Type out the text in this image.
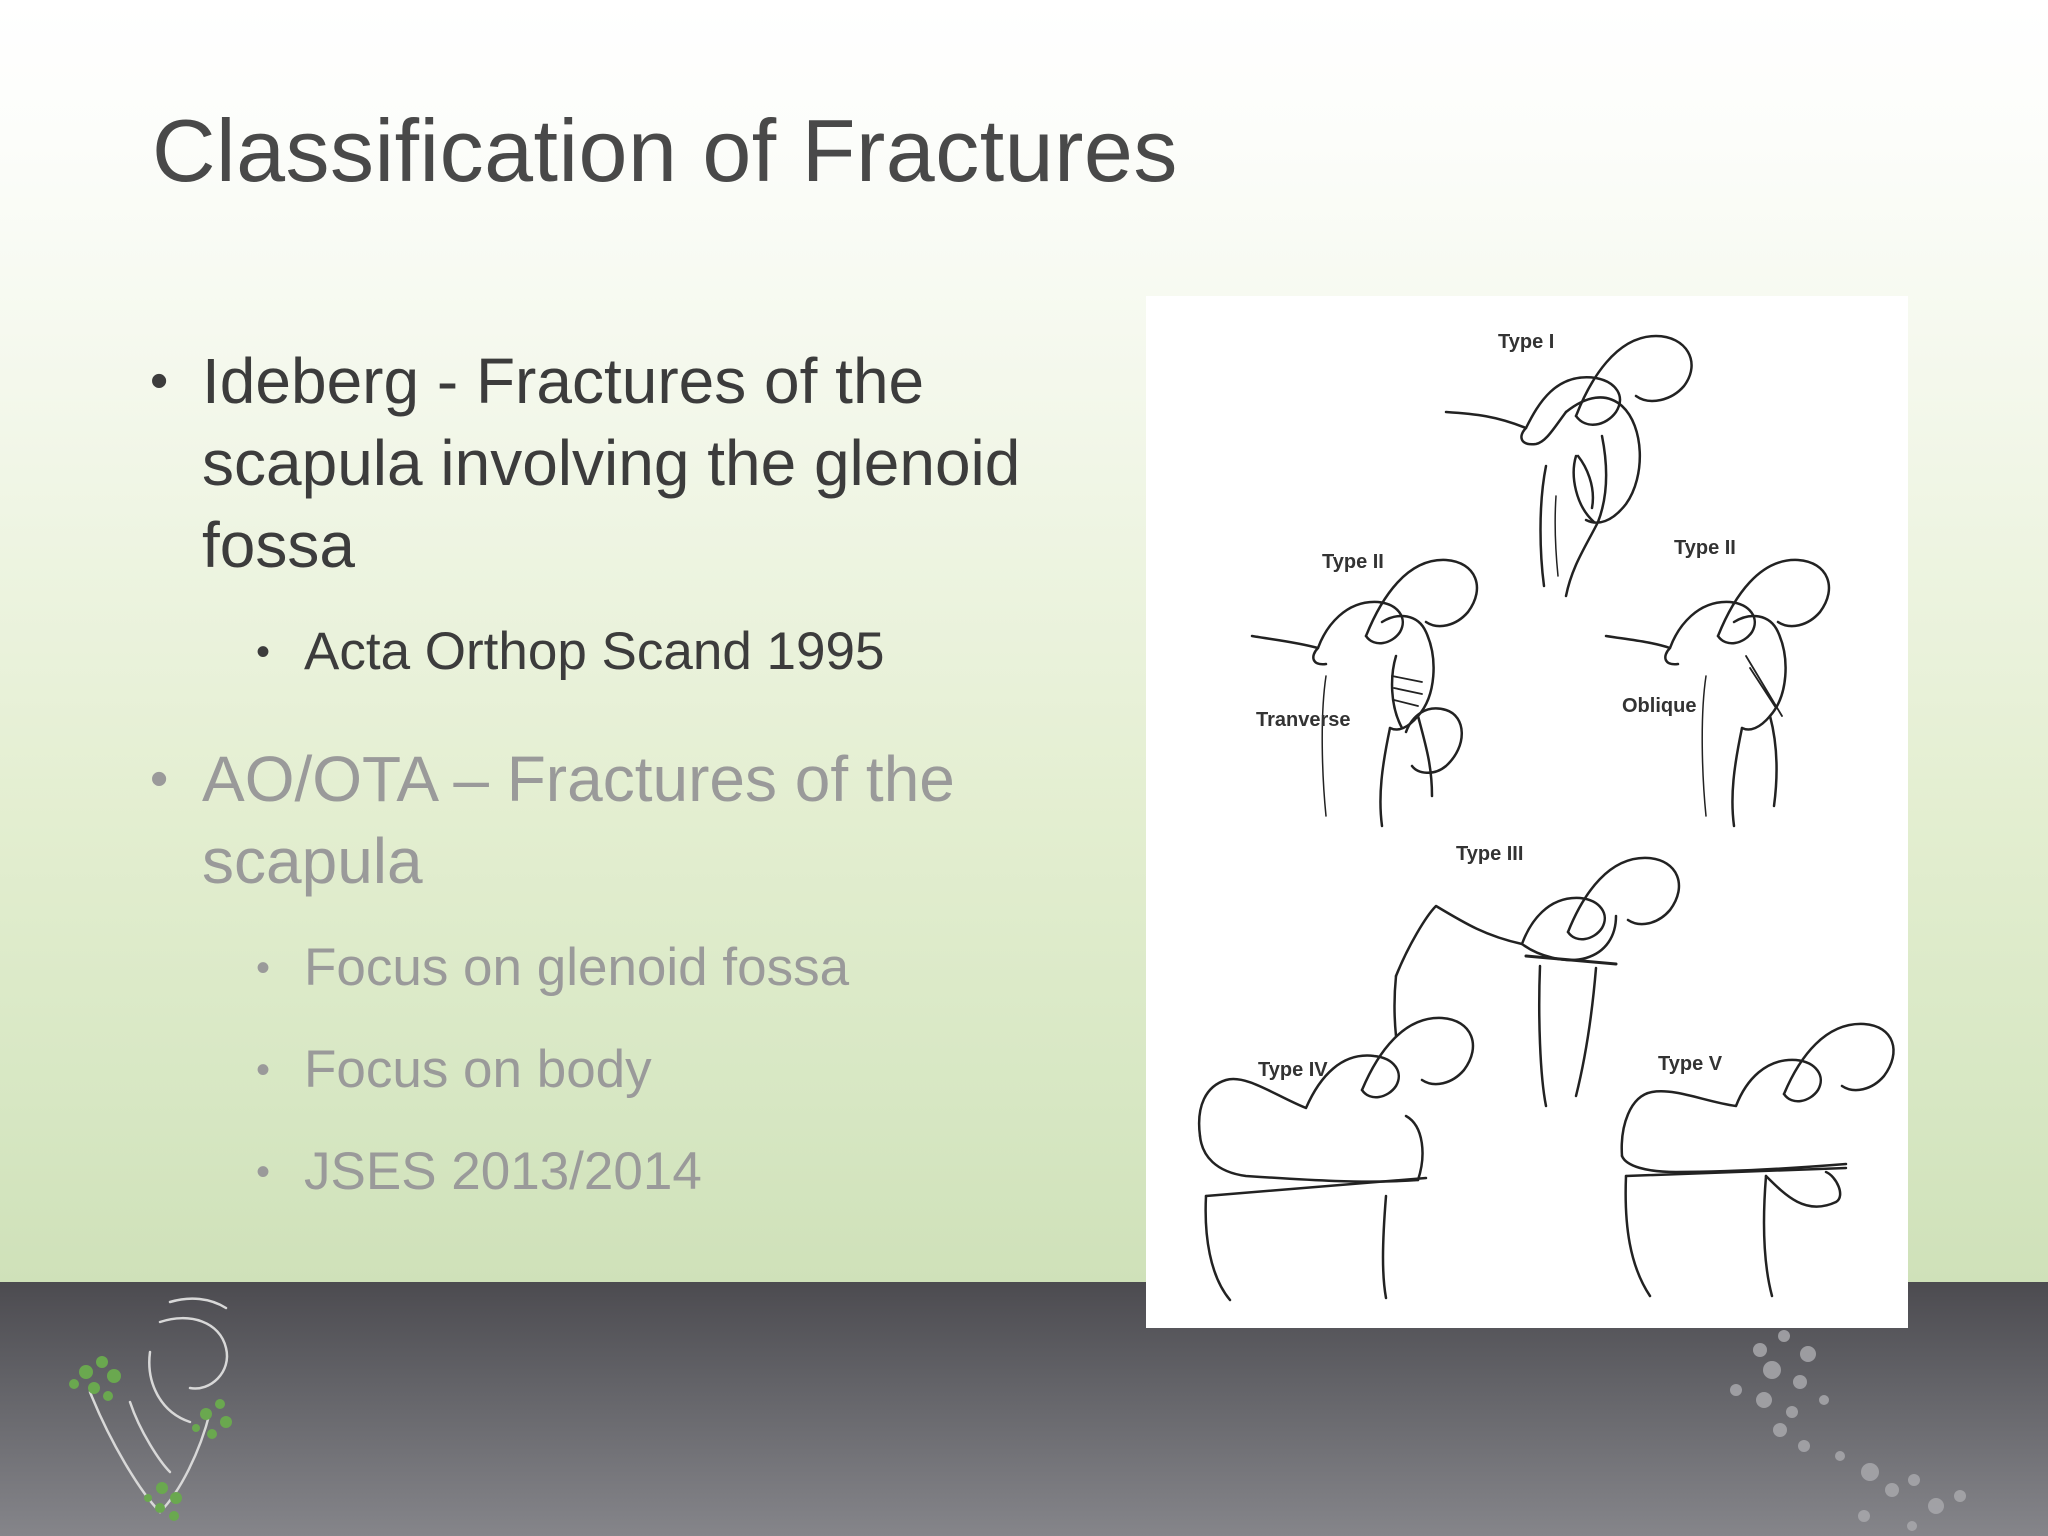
Classification of Fractures
• Ideberg - Fractures of the scapula involving the glenoid fossa
• Acta Orthop Scand 1995
• AO/OTA – Fractures of the scapula
• Focus on glenoid fossa
• Focus on body
• JSES 2013/2014
Type I
Type II
Type II
Tranverse
Oblique
Type III
Type IV	Type V
